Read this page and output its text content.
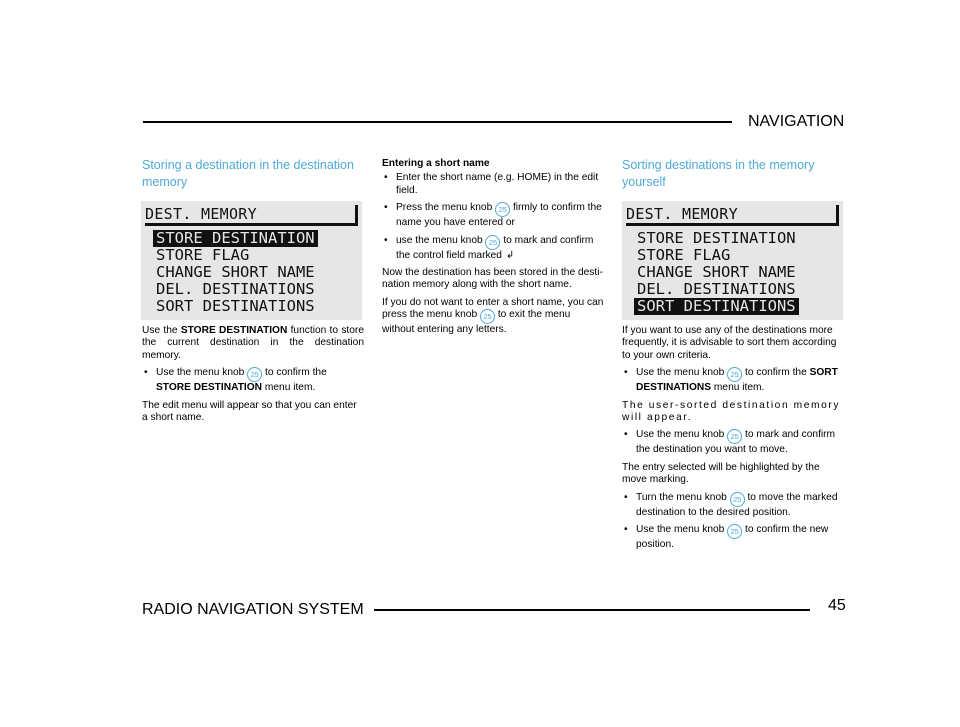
NAVIGATION
Storing a destination in the destination
memory
DEST. MEMORY
STORE DESTINATION
STORE FLAG
CHANGE SHORT NAME
DEL. DESTINATIONS
SORT DESTINATIONS

Use the STORE DESTINATION function to store the current destination in the destination memory.

• Use the menu knob 25 to confirm the STORE DESTINATION menu item.

The edit menu will appear so that you can enter a short name.

Entering a short name

• Enter the short name (e.g. HOME) in the edit field.
• Press the menu knob 25 firmly to confirm the name you have entered or
• use the menu knob 25 to mark and confirm the control field marked ↲

Now the destination has been stored in the desti-nation memory along with the short name.

If you do not want to enter a short name, you can press the menu knob 25 to exit the menu without entering any letters.

Sorting destinations in the memory
yourself
DEST. MEMORY
STORE DESTINATION
STORE FLAG
CHANGE SHORT NAME
DEL. DESTINATIONS
SORT DESTINATIONS

If you want to use any of the destinations more frequently, it is advisable to sort them according to your own criteria.

• Use the menu knob 25 to confirm the SORT DESTINATIONS menu item.

The user-sorted destination memory will appear.

• Use the menu knob 25 to mark and confirm the destination you want to move.

The entry selected will be highlighted by the move marking.

• Turn the menu knob 25 to move the marked destination to the desired position.
• Use the menu knob 25 to confirm the new position.
RADIO NAVIGATION SYSTEM	45
